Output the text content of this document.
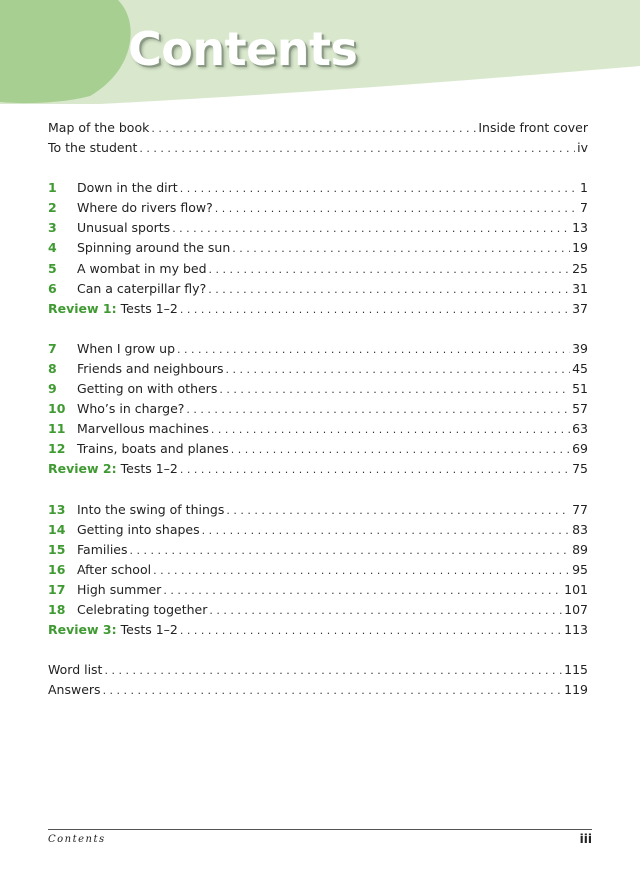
Contents
Map of the book . . .	Inside front cover
To the student . . .	iv
1	Down in the dirt . . .	1
2	Where do rivers flow? . . .	7
3	Unusual sports . . .	13
4	Spinning around the sun . . .	19
5	A wombat in my bed . . .	25
6	Can a caterpillar fly? . . .	31
Review 1: Tests 1–2 . . .	37
7	When I grow up . . .	39
8	Friends and neighbours . . .	45
9	Getting on with others . . .	51
10 Who’s in charge? . . .	57
11 Marvellous machines . . .	63
12 Trains, boats and planes . . .	69
Review 2: Tests 1–2 . . .	75
13 Into the swing of things . . .	77
14 Getting into shapes . . .	83
15 Families . . .	89
16 After school . . .	95
17 High summer . . .	101
18 Celebrating together . . .	107
Review 3: Tests 1–2 . . .	113
Word list . . .	115
Answers . . .	119
Contents	iii
